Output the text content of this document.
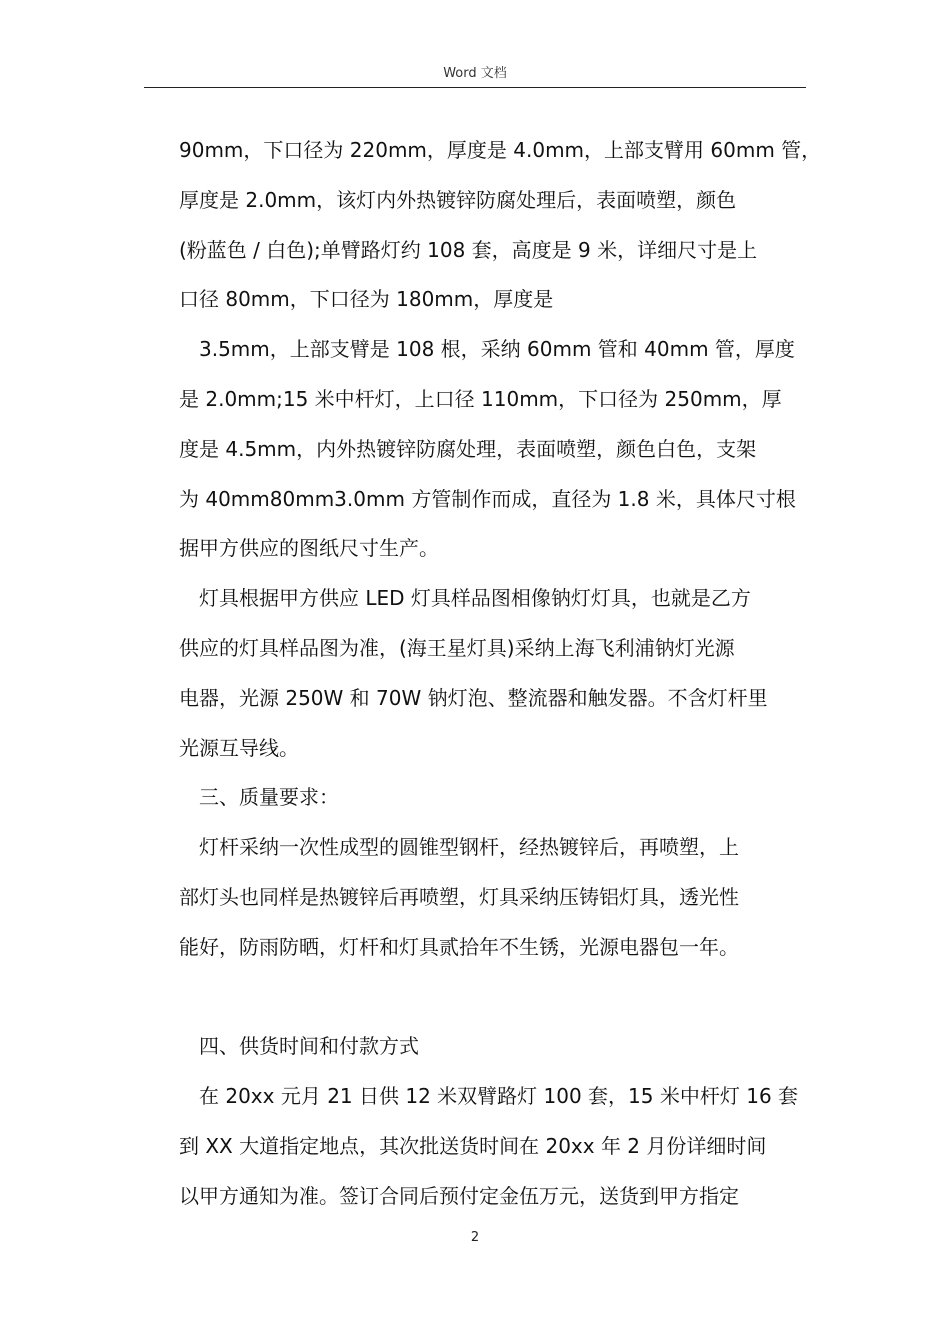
Word 文档
90mm，下口径为 220mm，厚度是 4.0mm，上部支臂用 60mm 管，
厚度是 2.0mm，该灯内外热镀锌防腐处理后，表面喷塑，颜色
(粉蓝色 / 白色);单臂路灯约 108 套，高度是 9 米，详细尺寸是上
口径 80mm，下口径为 180mm，厚度是
3.5mm，上部支臂是 108 根，采纳 60mm 管和 40mm 管，厚度
是 2.0mm;15 米中杆灯，上口径 110mm，下口径为 250mm，厚
度是 4.5mm，内外热镀锌防腐处理，表面喷塑，颜色白色，支架
为 40mm80mm3.0mm 方管制作而成，直径为 1.8 米，具体尺寸根
据甲方供应的图纸尺寸生产。
灯具根据甲方供应 LED 灯具样品图相像钠灯灯具，也就是乙方
供应的灯具样品图为准，(海王星灯具)采纳上海飞利浦钠灯光源
电器，光源 250W 和 70W 钠灯泡、整流器和触发器。不含灯杆里
光源互导线。
三、质量要求：
灯杆采纳一次性成型的圆锥型钢杆，经热镀锌后，再喷塑，上
部灯头也同样是热镀锌后再喷塑，灯具采纳压铸铝灯具，透光性
能好，防雨防晒，灯杆和灯具贰拾年不生锈，光源电器包一年。
四、供货时间和付款方式
在 20xx 元月 21 日供 12 米双臂路灯 100 套，15 米中杆灯 16 套
到 XX 大道指定地点，其次批送货时间在 20xx 年 2 月份详细时间
以甲方通知为准。签订合同后预付定金伍万元，送货到甲方指定
2
